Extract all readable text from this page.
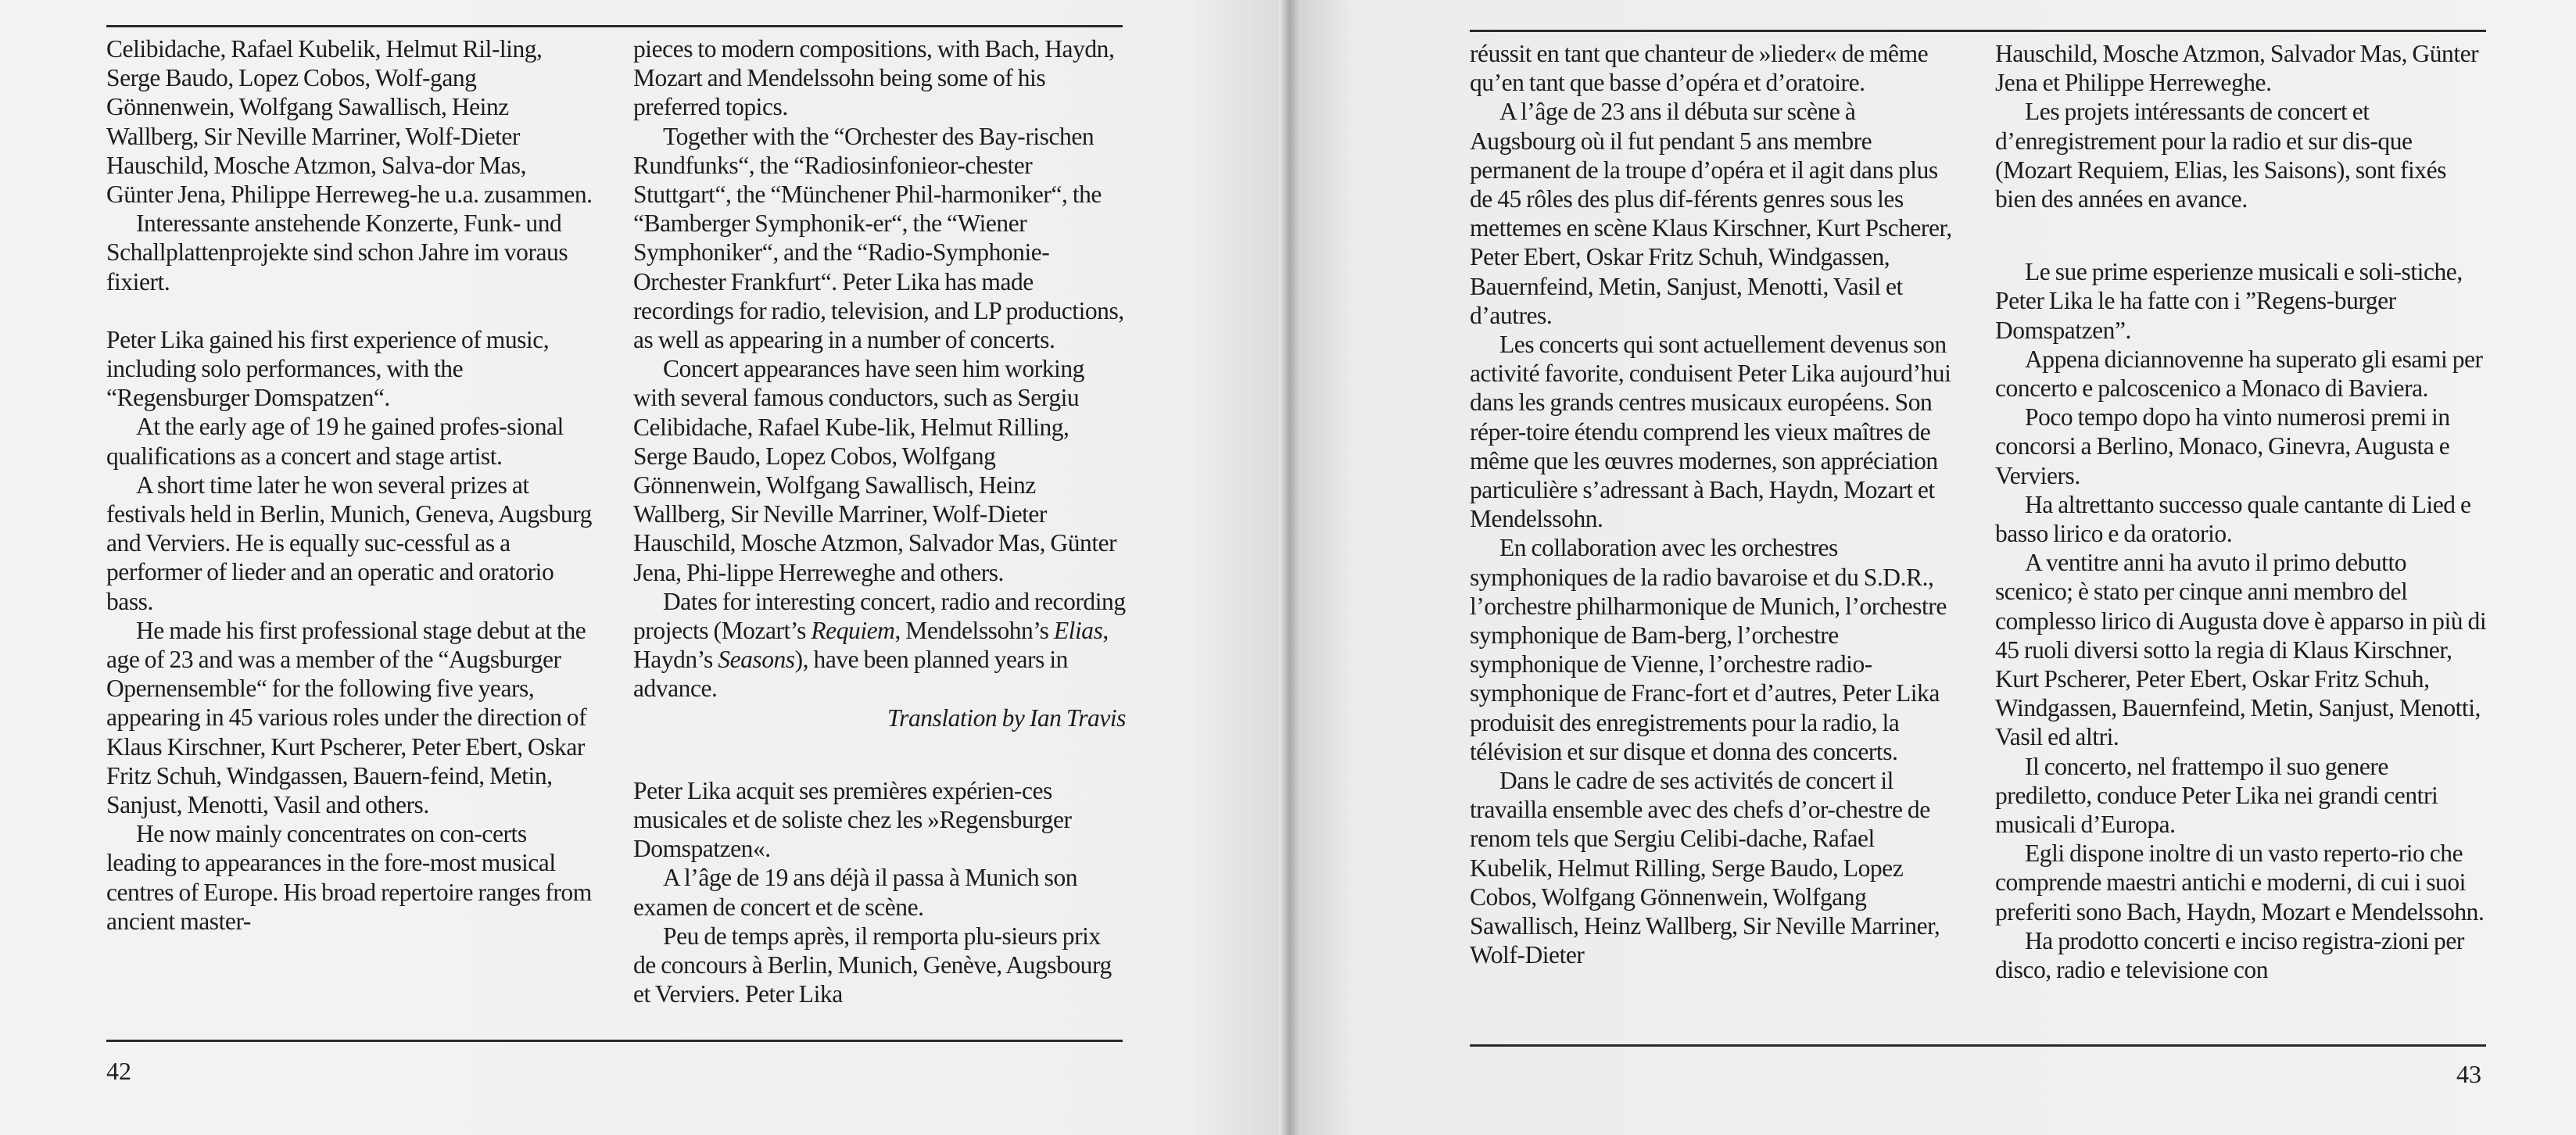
Celibidache, Rafael Kubelik, Helmut Ril-ling, Serge Baudo, Lopez Cobos, Wolf-gang Gönnenwein, Wolfgang Sawallisch, Heinz Wallberg, Sir Neville Marriner, Wolf-Dieter Hauschild, Mosche Atzmon, Salva-dor Mas, Günter Jena, Philippe Herreweg-he u.a. zusammen.

Interessante anstehende Konzerte, Funk- und Schallplattenprojekte sind schon Jahre im voraus fixiert.

Peter Lika gained his first experience of music, including solo performances, with the “Regensburger Domspatzen“.

At the early age of 19 he gained profes-sional qualifications as a concert and stage artist.

A short time later he won several prizes at festivals held in Berlin, Munich, Geneva, Augsburg and Verviers. He is equally suc-cessful as a performer of lieder and an operatic and oratorio bass.

He made his first professional stage debut at the age of 23 and was a member of the “Augsburger Opernensemble“ for the following five years, appearing in 45 various roles under the direction of Klaus Kirschner, Kurt Pscherer, Peter Ebert, Oskar Fritz Schuh, Windgassen, Bauern-feind, Metin, Sanjust, Menotti, Vasil and others.

He now mainly concentrates on con-certs leading to appearances in the fore-most musical centres of Europe. His broad repertoire ranges from ancient master-

pieces to modern compositions, with Bach, Haydn, Mozart and Mendelssohn being some of his preferred topics.

Together with the “Orchester des Bay-rischen Rundfunks“, the “Radiosinfonieor-chester Stuttgart“, the “Münchener Phil-harmoniker“, the “Bamberger Symphonik-er“, the “Wiener Symphoniker“, and the “Radio-Symphonie-Orchester Frankfurt“. Peter Lika has made recordings for radio, television, and LP productions, as well as appearing in a number of concerts.

Concert appearances have seen him working with several famous conductors, such as Sergiu Celibidache, Rafael Kube-lik, Helmut Rilling, Serge Baudo, Lopez Cobos, Wolfgang Gönnenwein, Wolfgang Sawallisch, Heinz Wallberg, Sir Neville Marriner, Wolf-Dieter Hauschild, Mosche Atzmon, Salvador Mas, Günter Jena, Phi-lippe Herreweghe and others.

Dates for interesting concert, radio and recording projects (Mozart’s Requiem, Mendelssohn’s Elias, Haydn’s Seasons), have been planned years in advance.

Translation by Ian Travis

Peter Lika acquit ses premières expérien-ces musicales et de soliste chez les »Regensburger Domspatzen«.

A l’âge de 19 ans déjà il passa à Munich son examen de concert et de scène.

Peu de temps après, il remporta plu-sieurs prix de concours à Berlin, Munich, Genève, Augsbourg et Verviers. Peter Lika

réussit en tant que chanteur de »lieder« de même qu’en tant que basse d’opéra et d’oratoire.

A l’âge de 23 ans il débuta sur scène à Augsbourg où il fut pendant 5 ans membre permanent de la troupe d’opéra et il agit dans plus de 45 rôles des plus dif-férents genres sous les mettemes en scène Klaus Kirschner, Kurt Pscherer, Peter Ebert, Oskar Fritz Schuh, Windgassen, Bauernfeind, Metin, Sanjust, Menotti, Vasil et d’autres.

Les concerts qui sont actuellement devenus son activité favorite, conduisent Peter Lika aujourd’hui dans les grands centres musicaux européens. Son réper-toire étendu comprend les vieux maîtres de même que les œuvres modernes, son appréciation particulière s’adressant à Bach, Haydn, Mozart et Mendelssohn.

En collaboration avec les orchestres symphoniques de la radio bavaroise et du S.D.R., l’orchestre philharmonique de Munich, l’orchestre symphonique de Bam-berg, l’orchestre symphonique de Vienne, l’orchestre radio-symphonique de Franc-fort et d’autres, Peter Lika produisit des enregistrements pour la radio, la télévision et sur disque et donna des concerts.

Dans le cadre de ses activités de concert il travailla ensemble avec des chefs d’or-chestre de renom tels que Sergiu Celibi-dache, Rafael Kubelik, Helmut Rilling, Serge Baudo, Lopez Cobos, Wolfgang Gönnenwein, Wolfgang Sawallisch, Heinz Wallberg, Sir Neville Marriner, Wolf-Dieter

Hauschild, Mosche Atzmon, Salvador Mas, Günter Jena et Philippe Herreweghe.

Les projets intéressants de concert et d’enregistrement pour la radio et sur dis-que (Mozart Requiem, Elias, les Saisons), sont fixés bien des années en avance.

Le sue prime esperienze musicali e soli-stiche, Peter Lika le ha fatte con i ”Regens-burger Domspatzen”.

Appena diciannovenne ha superato gli esami per concerto e palcoscenico a Monaco di Baviera.

Poco tempo dopo ha vinto numerosi premi in concorsi a Berlino, Monaco, Ginevra, Augusta e Verviers.

Ha altrettanto successo quale cantante di Lied e basso lirico e da oratorio.

A ventitre anni ha avuto il primo debutto scenico; è stato per cinque anni membro del complesso lirico di Augusta dove è apparso in più di 45 ruoli diversi sotto la regia di Klaus Kirschner, Kurt Pscherer, Peter Ebert, Oskar Fritz Schuh, Windgassen, Bauernfeind, Metin, Sanjust, Menotti, Vasil ed altri.

Il concerto, nel frattempo il suo genere prediletto, conduce Peter Lika nei grandi centri musicali d’Europa.

Egli dispone inoltre di un vasto reperto-rio che comprende maestri antichi e moderni, di cui i suoi preferiti sono Bach, Haydn, Mozart e Mendelssohn.

Ha prodotto concerti e inciso registra-zioni per disco, radio e televisione con

42	43
